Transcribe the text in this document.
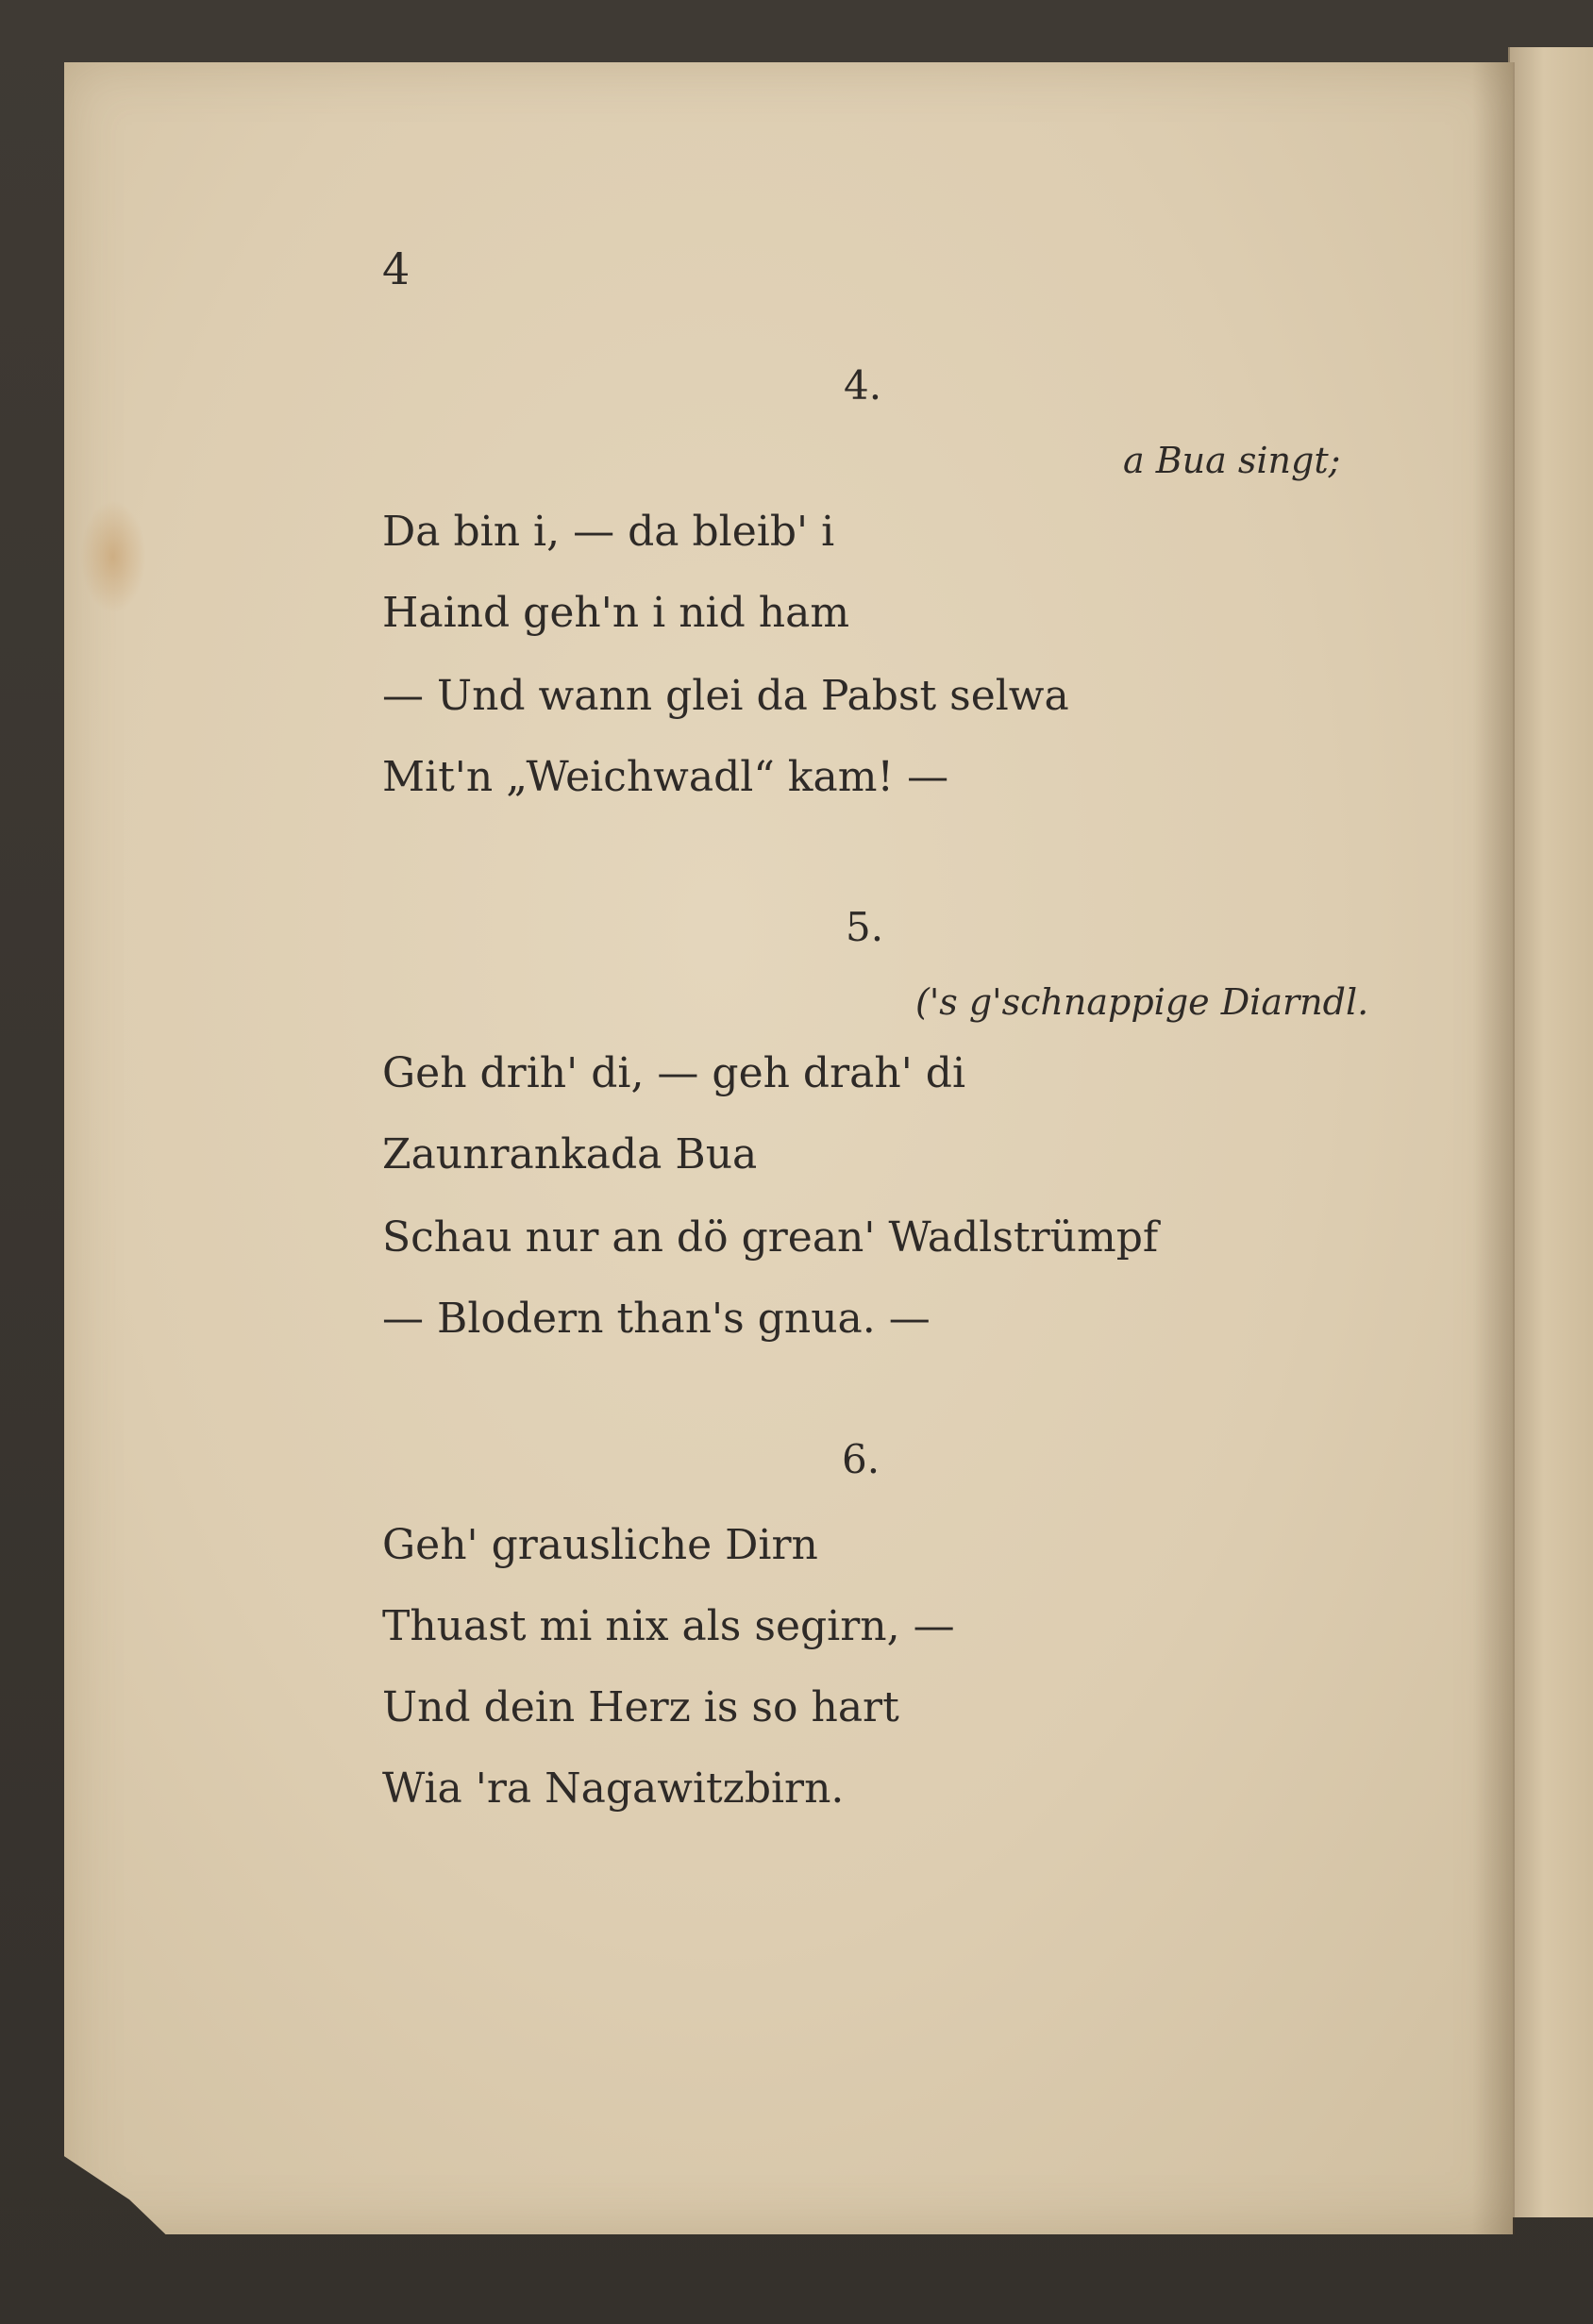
4
4.
a Bua singt;
Da bin i, — da bleib' i
Haind geh'n i nid ham
— Und wann glei da Pabst selwa
Mit'n „Weichwadl“ kam! —
5.
('s g'schnappige Diarndl.
Geh drih' di, — geh drah' di
Zaunrankada Bua
Schau nur an dö grean' Wadlstrümpf
— Blodern than's gnua. —
6.
Geh' grausliche Dirn
Thuast mi nix als segirn, —
Und dein Herz is so hart
Wia 'ra Nagawitzbirn.
